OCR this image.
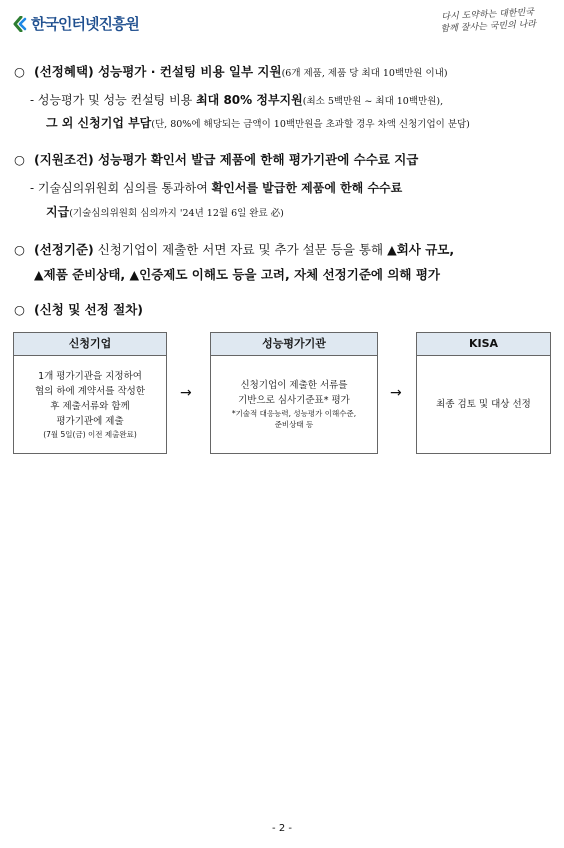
한국인터넷진흥원	다시 도약하는 대한민국
함께 잘사는 국민의 나라
○ (선정혜택) 성능평가 · 컨설팅 비용 일부 지원(6개 제품, 제품 당 최대 10백만원 이내)
- 성능평가 및 성능 컨설팅 비용 최대 80% 정부지원(최소 5백만원 ~ 최대 10백만원),
그 외 신청기업 부담(단, 80%에 해당되는 금액이 10백만원을 초과할 경우 차액 신청기업이 분담)
○ (지원조건) 성능평가 확인서 발급 제품에 한해 평가기관에 수수료 지급
- 기술심의위원회 심의를 통과하여 확인서를 발급한 제품에 한해 수수료
지급(기술심의위원회 심의까지 '24년 12월 6일 완료 必)
○ (선정기준) 신청기업이 제출한 서면 자료 및 추가 설문 등을 통해 ▲회사 규모,
▲제품 준비상태, ▲인증제도 이해도 등을 고려, 자체 선정기준에 의해 평가
○ (신청 및 선정 절차)
신청기업
1개 평가기관을 지정하여
협의 하에 계약서를 작성한
후 제출서류와 함께
평가기관에 제출
(7월 5일(금) 이전 제출완료)
→
성능평가기관
신청기업이 제출한 서류를
기반으로 심사기준표* 평가
*기술적 대응능력, 성능평가 이해수준,
준비상태 등
→
KISA
최종 검토 및 대상 선정
- 2 -
